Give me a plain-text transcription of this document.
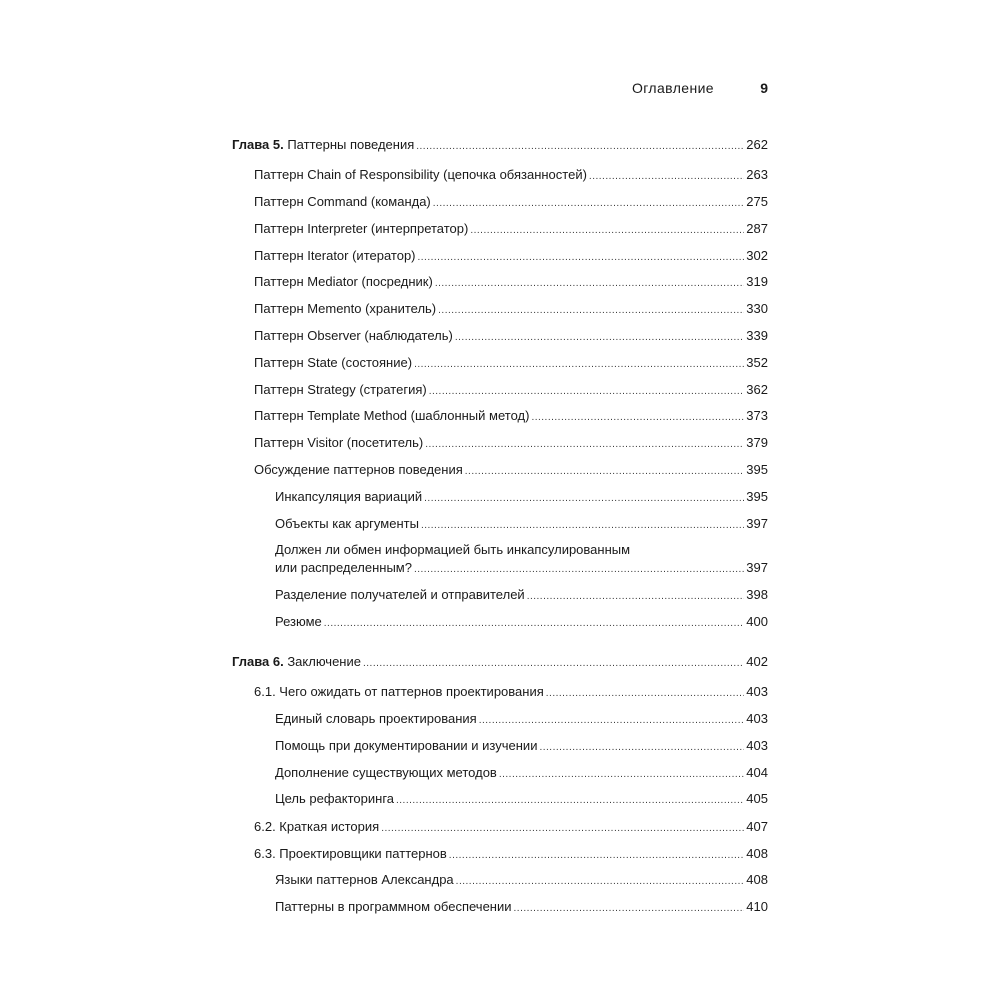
Оглавление	9
Глава 5. Паттерны поведения .....	262
Паттерн Chain of Responsibility (цепочка обязанностей) .....	263
Паттерн Command (команда) .....	275
Паттерн Interpreter (интерпретатор) .....	287
Паттерн Iterator (итератор) .....	302
Паттерн Mediator (посредник) .....	319
Паттерн Memento (хранитель) .....	330
Паттерн Observer (наблюдатель) .....	339
Паттерн State (состояние) .....	352
Паттерн Strategy (стратегия) .....	362
Паттерн Template Method (шаблонный метод) .....	373
Паттерн Visitor (посетитель) .....	379
Обсуждение паттернов поведения .....	395
Инкапсуляция вариаций .....	395
Объекты как аргументы .....	397
Должен ли обмен информацией быть инкапсулированным
или распределенным? .....	397
Разделение получателей и отправителей .....	398
Резюме .....	400
Глава 6. Заключение .....	402
6.1. Чего ожидать от паттернов проектирования .....	403
Единый словарь проектирования .....	403
Помощь при документировании и изучении .....	403
Дополнение существующих методов .....	404
Цель рефакторинга .....	405
6.2. Краткая история .....	407
6.3. Проектировщики паттернов .....	408
Языки паттернов Александра .....	408
Паттерны в программном обеспечении .....	410
